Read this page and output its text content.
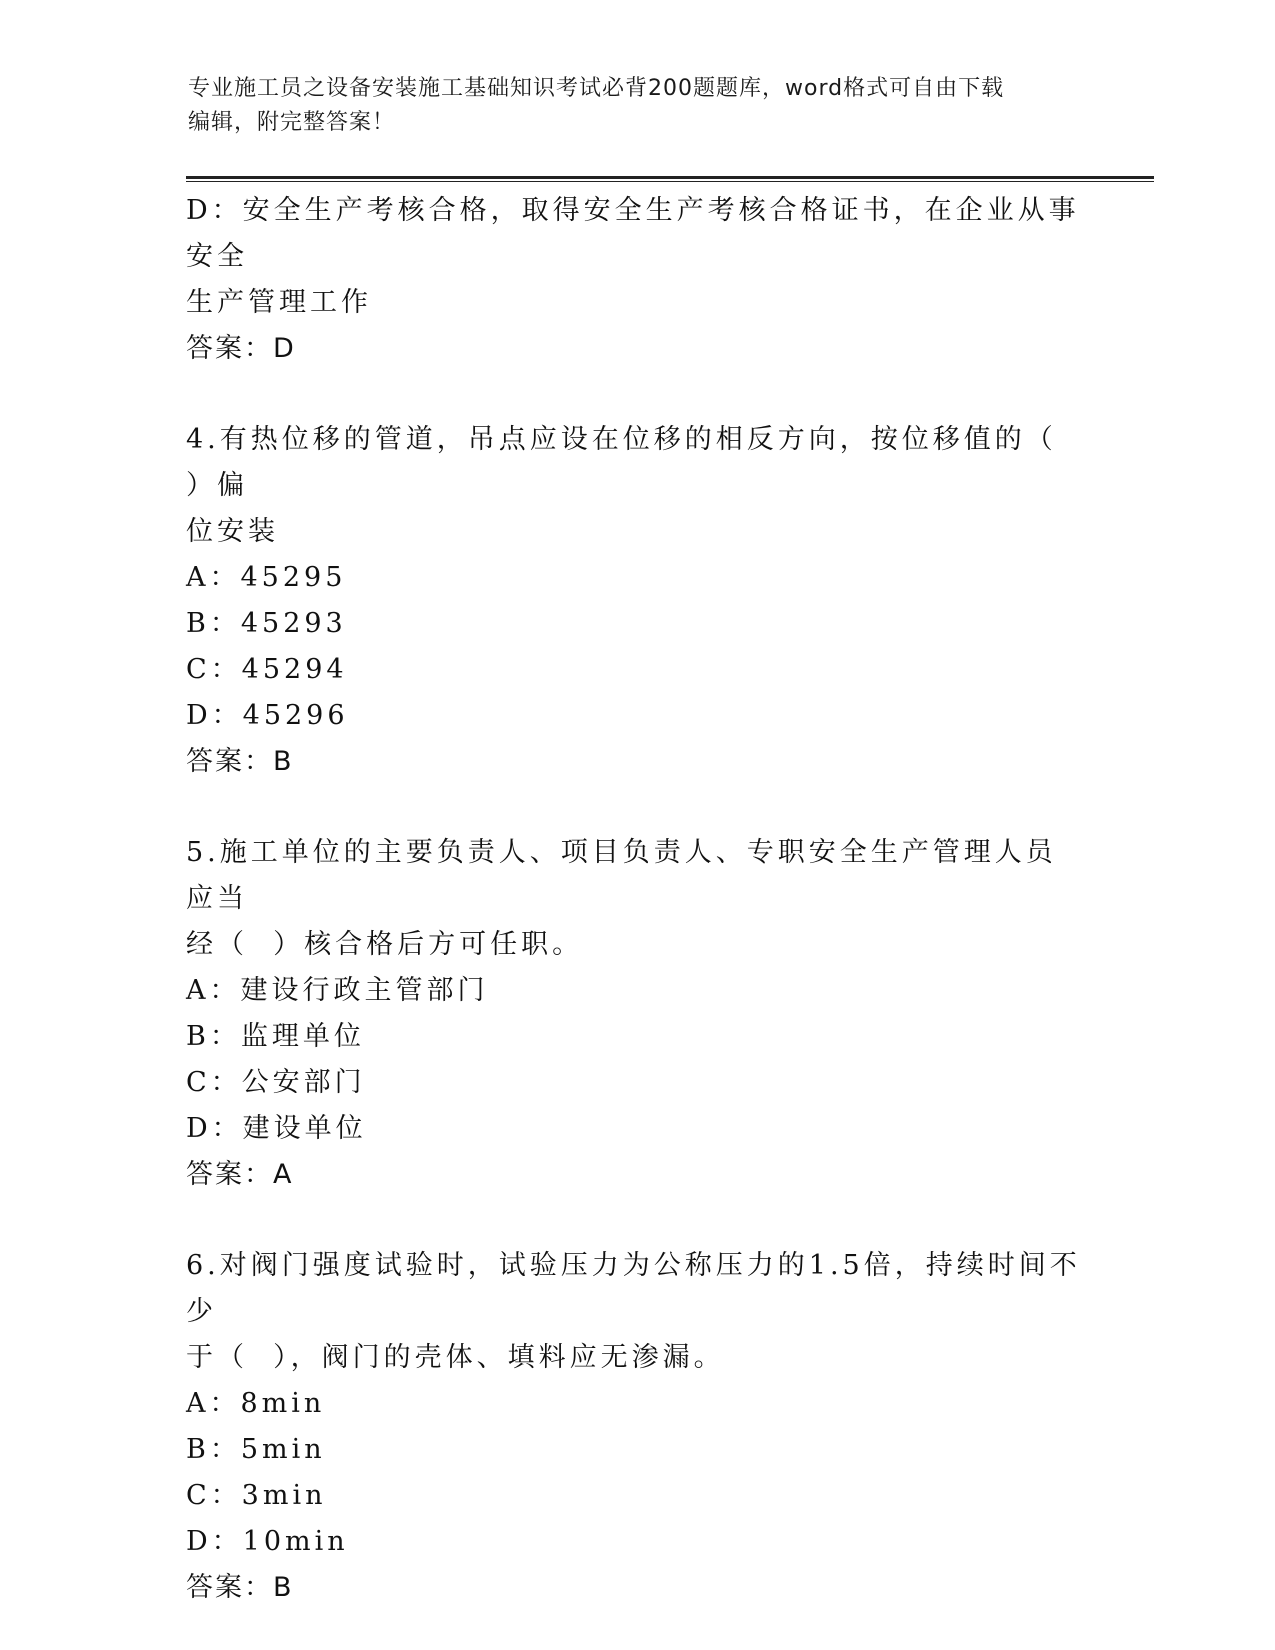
专业施工员之设备安装施工基础知识考试必背200题题库，word格式可自由下载
编辑，附完整答案！
D：安全生产考核合格，取得安全生产考核合格证书，在企业从事安全
生产管理工作
答案：D
4.有热位移的管道，吊点应设在位移的相反方向，按位移值的（  ）偏
位安装
A：45295
B：45293
C：45294
D：45296
答案：B
5.施工单位的主要负责人、项目负责人、专职安全生产管理人员应当
经（  ）核合格后方可任职。
A：建设行政主管部门
B：监理单位
C：公安部门
D：建设单位
答案：A
6.对阀门强度试验时，试验压力为公称压力的1.5倍，持续时间不少
于（  ），阀门的壳体、填料应无渗漏。
A：8min
B：5min
C：3min
D：10min
答案：B
